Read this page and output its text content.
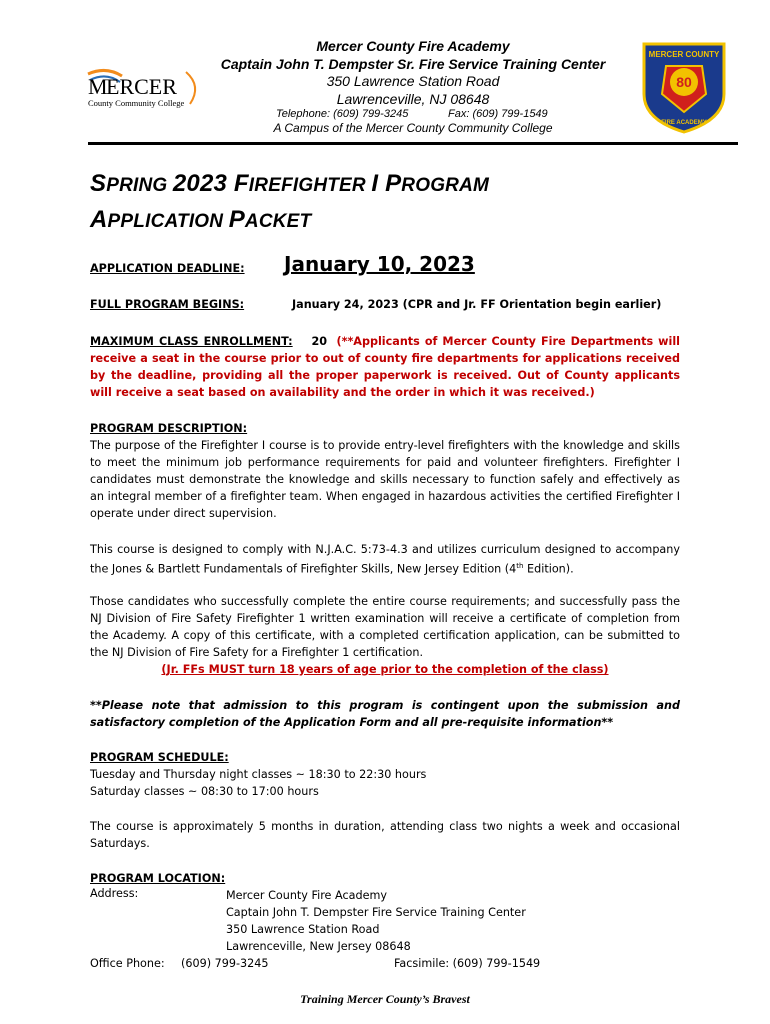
M
ERCER
County Community College
Mercer County Fire Academy
Captain John T. Dempster Sr. Fire Service Training Center
350 Lawrence Station Road
Lawrenceville, NJ 08648
Telephone: (609) 799-3245	Fax: (609) 799-1549
A Campus of the Mercer County Community College
80
MERCER COUNTY
FIRE ACADEMY
SPRING 2023 FIREFIGHTER I PROGRAM
APPLICATION PACKET
APPLICATION DEADLINE: January 10, 2023
FULL PROGRAM BEGINS:	January 24, 2023 (CPR and Jr. FF Orientation begin earlier)
MAXIMUM CLASS ENROLLMENT: 20 (**Applicants of Mercer County Fire Departments will receive a seat in the course prior to out of county fire departments for applications received by the deadline, providing all the proper paperwork is received. Out of County applicants will receive a seat based on availability and the order in which it was received.)
PROGRAM DESCRIPTION:
The purpose of the Firefighter I course is to provide entry-level firefighters with the knowledge and skills to meet the minimum job performance requirements for paid and volunteer firefighters. Firefighter I candidates must demonstrate the knowledge and skills necessary to function safely and effectively as an integral member of a firefighter team. When engaged in hazardous activities the certified Firefighter I operate under direct supervision.
This course is designed to comply with N.J.A.C. 5:73-4.3 and utilizes curriculum designed to accompany the Jones & Bartlett Fundamentals of Firefighter Skills, New Jersey Edition (4th Edition).
Those candidates who successfully complete the entire course requirements; and successfully pass the NJ Division of Fire Safety Firefighter 1 written examination will receive a certificate of completion from the Academy. A copy of this certificate, with a completed certification application, can be submitted to the NJ Division of Fire Safety for a Firefighter 1 certification.
(Jr. FFs MUST turn 18 years of age prior to the completion of the class)
**Please note that admission to this program is contingent upon the submission and satisfactory completion of the Application Form and all pre-requisite information**
PROGRAM SCHEDULE:
Tuesday and Thursday night classes ~ 18:30 to 22:30 hours
Saturday classes ~ 08:30 to 17:00 hours
The course is approximately 5 months in duration, attending class two nights a week and occasional Saturdays.
PROGRAM LOCATION:
Address:	Mercer County Fire Academy
Captain John T. Dempster Fire Service Training Center
350 Lawrence Station Road
Lawrenceville, New Jersey 08648
Office Phone: (609) 799-3245	Facsimile: (609) 799-1549
Training Mercer County’s Bravest
